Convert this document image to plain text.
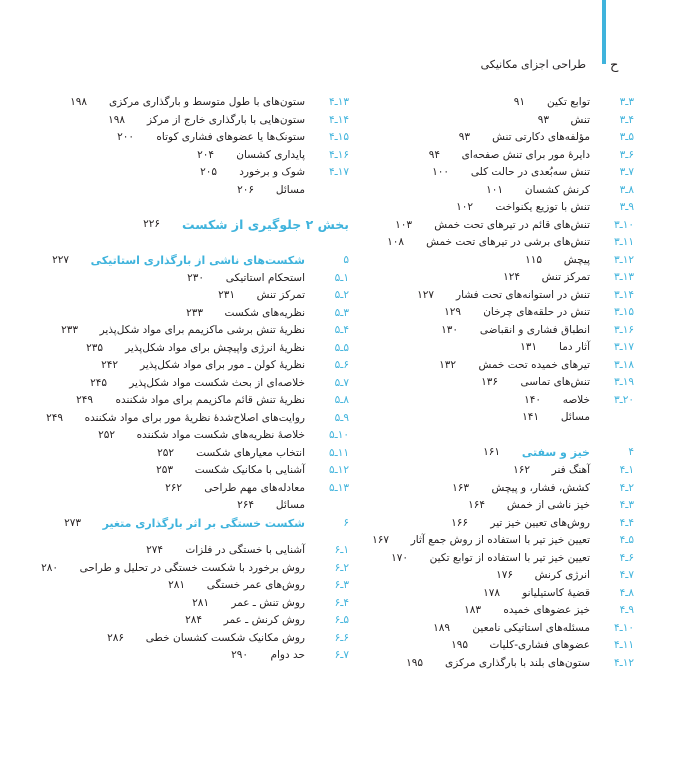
ح
طراحی اجزای مکانیکی
۳ـ۳
توابع تکین
۹۱
۴ـ۳
تنش
۹۳
۵ـ۳
مؤلفه‌های دکارتی تنش
۹۳
۶ـ۳
دایرهٔ مور برای تنش صفحه‌ای
۹۴
۷ـ۳
تنش سه‌بُعدی در حالت کلی
۱۰۰
۸ـ۳
کرنش کشسان
۱۰۱
۹ـ۳
تنش با توزیع یکنواخت
۱۰۲
۱۰ـ۳
تنش‌های قائم در تیرهای تحت خمش
۱۰۳
۱۱ـ۳
تنش‌های برشی در تیرهای تحت خمش
۱۰۸
۱۲ـ۳
پیچش
۱۱۵
۱۳ـ۳
تمرکز تنش
۱۲۴
۱۴ـ۳
تنش در استوانه‌های تحت فشار
۱۲۷
۱۵ـ۳
تنش در حلقه‌های چرخان
۱۲۹
۱۶ـ۳
انطباق فشاری و انقباضی
۱۳۰
۱۷ـ۳
آثار دما
۱۳۱
۱۸ـ۳
تیرهای خمیده تحت خمش
۱۳۲
۱۹ـ۳
تنش‌های تماسی
۱۳۶
۲۰ـ۳
خلاصه
۱۴۰
مسائل
۱۴۱
۴
خیز و سفتی
۱۶۱
۱ـ۴
آهنگ فنر
۱۶۲
۲ـ۴
کشش، فشار، و پیچش
۱۶۳
۳ـ۴
خیز ناشی از خمش
۱۶۴
۴ـ۴
روش‌های تعیین خیز تیر
۱۶۶
۵ـ۴
تعیین خیز تیر با استفاده از روش جمع آثار
۱۶۷
۶ـ۴
تعیین خیز تیر با استفاده از توابع تکین
۱۷۰
۷ـ۴
انرژی کرنش
۱۷۶
۸ـ۴
قضیهٔ کاستیلیانو
۱۷۸
۹ـ۴
خیز عضوهای خمیده
۱۸۳
۱۰ـ۴
مسئله‌های استاتیکی نامعین
۱۸۹
۱۱ـ۴
عضوهای فشاری-کلیات
۱۹۵
۱۲ـ۴
ستون‌های بلند با بارگذاری مرکزی
۱۹۵
۱۳ـ۴
ستون‌های با طول متوسط و بارگذاری مرکزی
۱۹۸
۱۴ـ۴
ستون‌هایی با بارگذاری خارج از مرکز
۱۹۸
۱۵ـ۴
ستونک‌ها یا عضوهای فشاری کوتاه
۲۰۰
۱۶ـ۴
پایداری کشسان
۲۰۴
۱۷ـ۴
شوک و برخورد
۲۰۵
مسائل
۲۰۶
بخش ۲ جلوگیری از شکست
۲۲۶
۵
شکست‌های ناشی از بارگذاری استاتیکی
۲۲۷
۱ـ۵
استحکام استاتیکی
۲۳۰
۲ـ۵
تمرکز تنش
۲۳۱
۳ـ۵
نظریه‌های شکست
۲۳۳
۴ـ۵
نظریهٔ تنش برشی ماکزیمم برای مواد شکل‌پذیر
۲۳۳
۵ـ۵
نظریهٔ انرژی واپیچش برای مواد شکل‌پذیر
۲۳۵
۶ـ۵
نظریهٔ کولن ـ مور برای مواد شکل‌پذیر
۲۴۲
۷ـ۵
خلاصه‌ای از بحث شکست مواد شکل‌پذیر
۲۴۵
۸ـ۵
نظریهٔ تنش قائم ماکزیمم برای مواد شکننده
۲۴۹
۹ـ۵
روایت‌های اصلاح‌شدهٔ نظریهٔ مور برای مواد شکننده
۲۴۹
۱۰ـ۵
خلاصهٔ نظریه‌های شکست مواد شکننده
۲۵۲
۱۱ـ۵
انتخاب معیارهای شکست
۲۵۲
۱۲ـ۵
آشنایی با مکانیک شکست
۲۵۳
۱۳ـ۵
معادله‌های مهم طراحی
۲۶۲
مسائل
۲۶۴
۶
شکست خستگی بر اثر بارگذاری متغیر
۲۷۳
۱ـ۶
آشنایی با خستگی در فلزات
۲۷۴
۲ـ۶
روش برخورد با شکست خستگی در تحلیل و طراحی
۲۸۰
۳ـ۶
روش‌های عمر خستگی
۲۸۱
۴ـ۶
روش تنش ـ عمر
۲۸۱
۵ـ۶
روش کرنش ـ عمر
۲۸۴
۶ـ۶
روش مکانیک شکست کشسان خطی
۲۸۶
۷ـ۶
حد دوام
۲۹۰
